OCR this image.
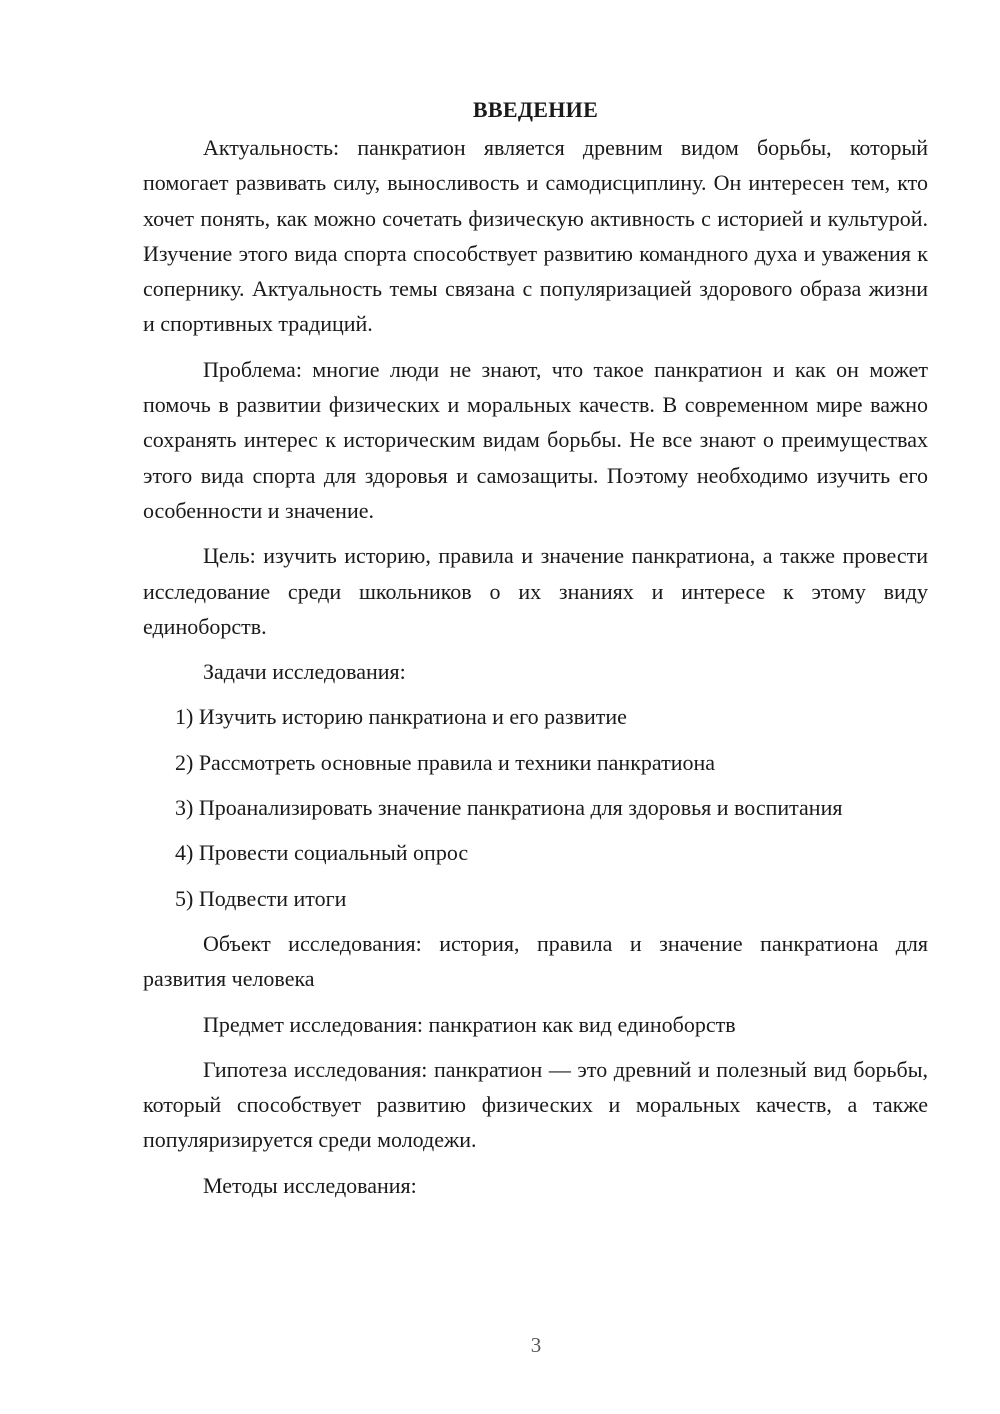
ВВЕДЕНИЕ

Актуальность: панкратион является древним видом борьбы, который помогает развивать силу, выносливость и самодисциплину. Он интересен тем, кто хочет понять, как можно сочетать физическую активность с историей и культурой. Изучение этого вида спорта способствует развитию командного духа и уважения к сопернику. Актуальность темы связана с популяризацией здорового образа жизни и спортивных традиций.

Проблема: многие люди не знают, что такое панкратион и как он может помочь в развитии физических и моральных качеств. В современном мире важно сохранять интерес к историческим видам борьбы. Не все знают о преимуществах этого вида спорта для здоровья и самозащиты. Поэтому необходимо изучить его особенности и значение.

Цель: изучить историю, правила и значение панкратиона, а также провести исследование среди школьников о их знаниях и интересе к этому виду единоборств.

Задачи исследования:

1) Изучить историю панкратиона и его развитие

2) Рассмотреть основные правила и техники панкратиона

3) Проанализировать значение панкратиона для здоровья и воспитания

4) Провести социальный опрос

5) Подвести итоги

Объект исследования: история, правила и значение панкратиона для развития человека

Предмет исследования: панкратион как вид единоборств

Гипотеза исследования: панкратион — это древний и полезный вид борьбы, который способствует развитию физических и моральных качеств, а также популяризируется среди молодежи.

Методы исследования:

3
